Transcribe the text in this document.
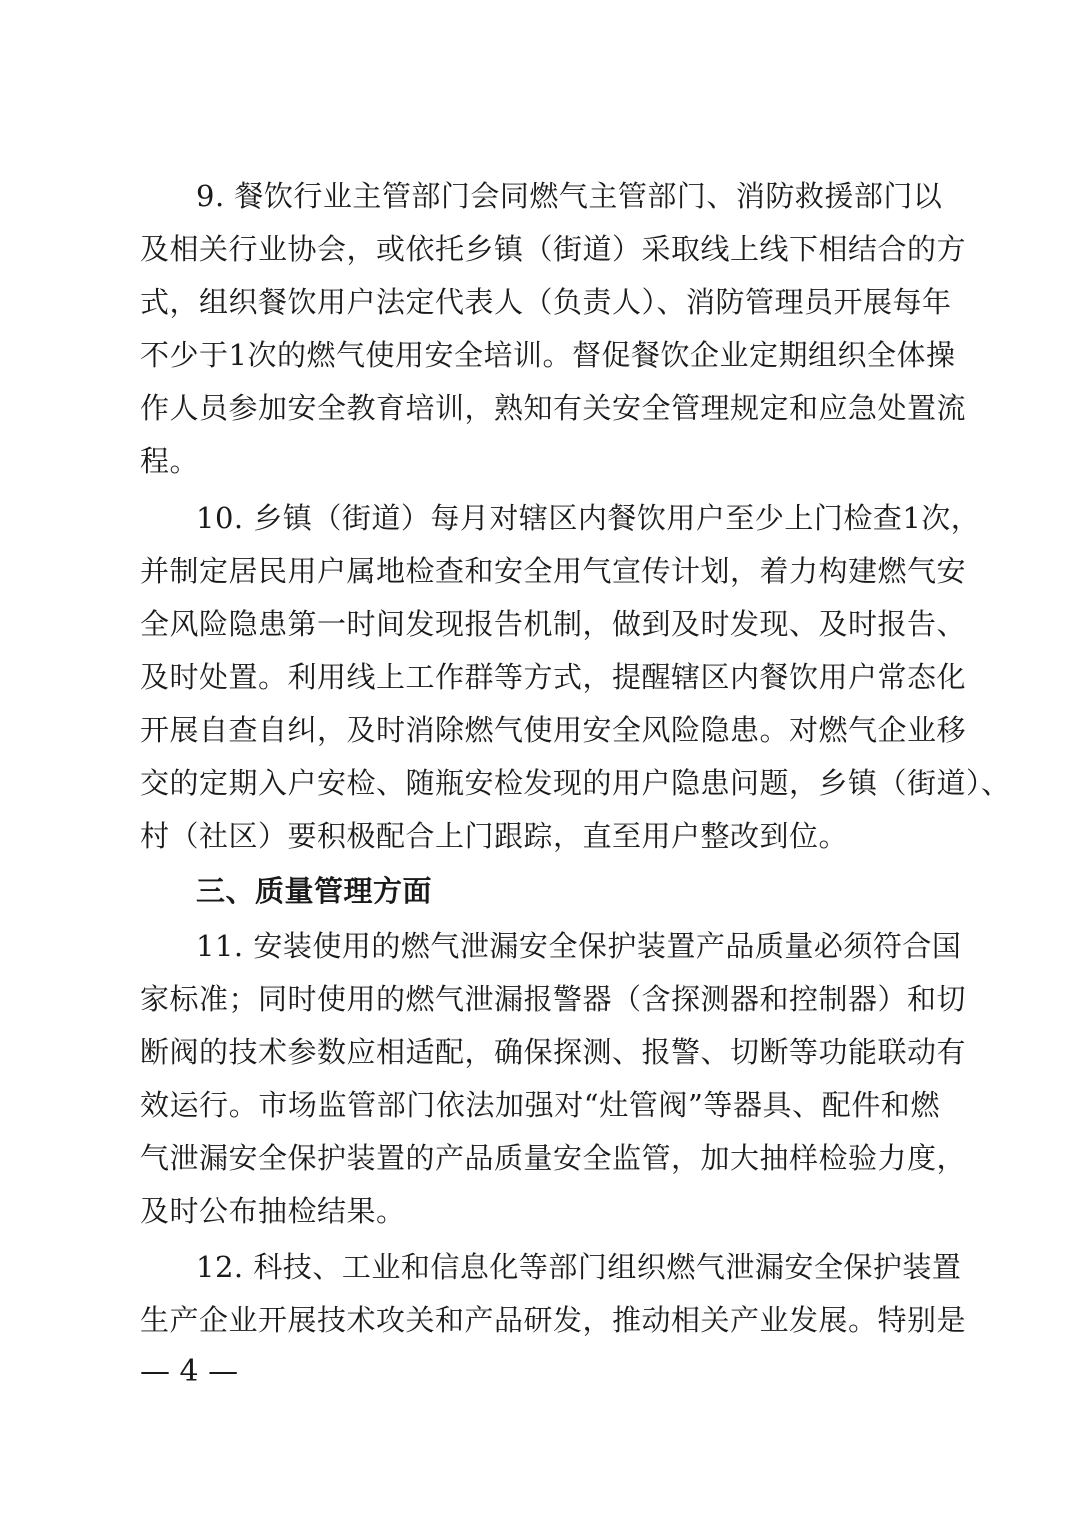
9. 餐饮行业主管部门会同燃气主管部门、消防救援部门以
及相关行业协会，或依托乡镇（街道）采取线上线下相结合的方
式，组织餐饮用户法定代表人（负责人）、消防管理员开展每年
不少于1次的燃气使用安全培训。督促餐饮企业定期组织全体操
作人员参加安全教育培训，熟知有关安全管理规定和应急处置流
程。
10. 乡镇（街道）每月对辖区内餐饮用户至少上门检查1次，
并制定居民用户属地检查和安全用气宣传计划，着力构建燃气安
全风险隐患第一时间发现报告机制，做到及时发现、及时报告、
及时处置。利用线上工作群等方式，提醒辖区内餐饮用户常态化
开展自查自纠，及时消除燃气使用安全风险隐患。对燃气企业移
交的定期入户安检、随瓶安检发现的用户隐患问题，乡镇（街道）、
村（社区）要积极配合上门跟踪，直至用户整改到位。
三、质量管理方面
11. 安装使用的燃气泄漏安全保护装置产品质量必须符合国
家标准；同时使用的燃气泄漏报警器（含探测器和控制器）和切
断阀的技术参数应相适配，确保探测、报警、切断等功能联动有
效运行。市场监管部门依法加强对“灶管阀”等器具、配件和燃
气泄漏安全保护装置的产品质量安全监管，加大抽样检验力度，
及时公布抽检结果。
12. 科技、工业和信息化等部门组织燃气泄漏安全保护装置
生产企业开展技术攻关和产品研发，推动相关产业发展。特别是
— 4 —
